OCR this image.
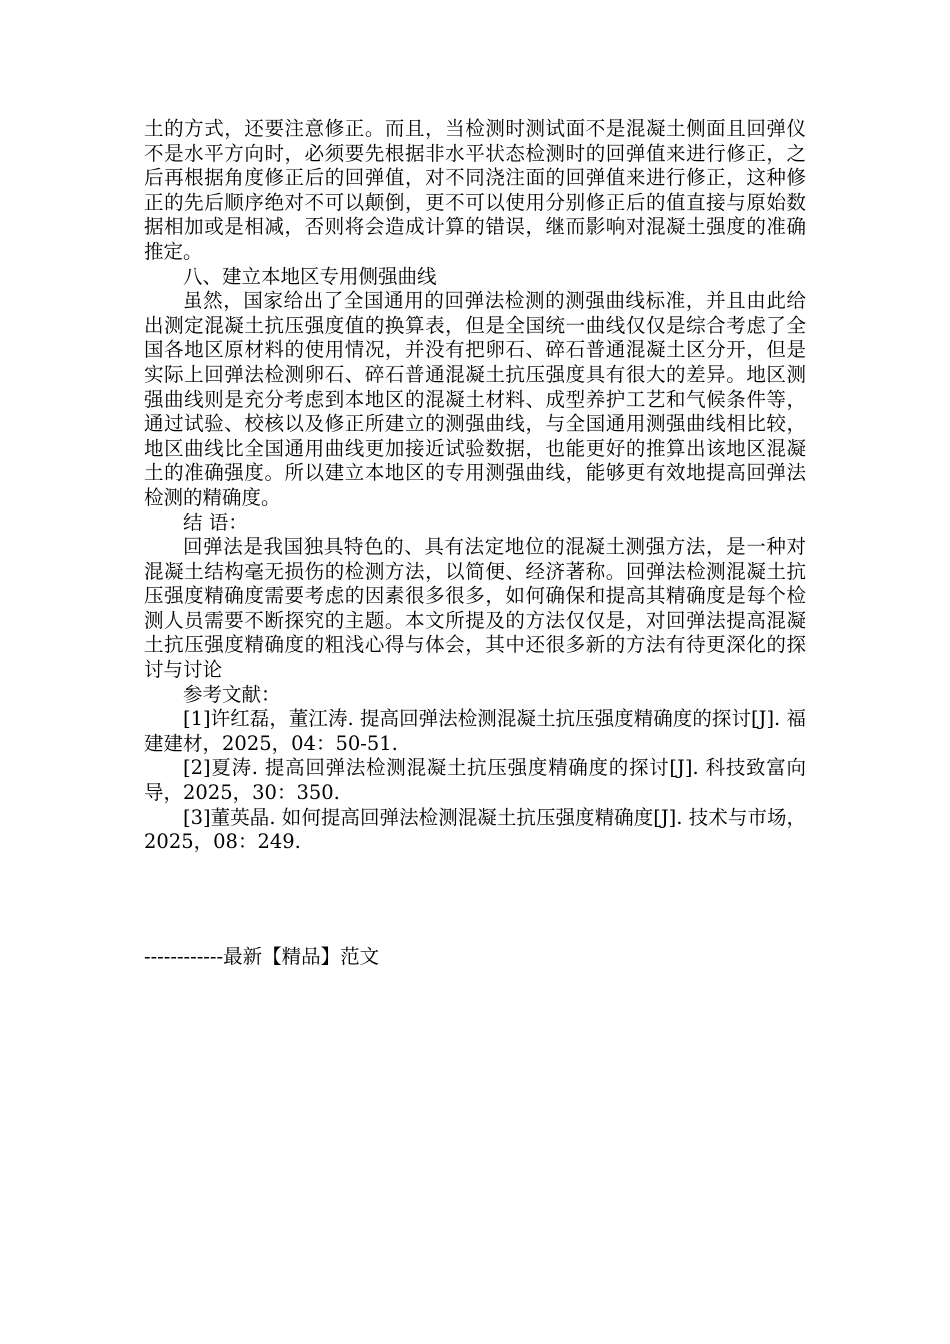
土的方式，还要注意修正。而且，当检测时测试面不是混凝土侧面且回弹仪不是水平方向时，必须要先根据非水平状态检测时的回弹值来进行修正，之后再根据角度修正后的回弹值，对不同浇注面的回弹值来进行修正，这种修正的先后顺序绝对不可以颠倒，更不可以使用分别修正后的值直接与原始数据相加或是相减，否则将会造成计算的错误，继而影响对混凝土强度的准确推定。

八、建立本地区专用侧强曲线

虽然，国家给出了全国通用的回弹法检测的测强曲线标准，并且由此给出测定混凝土抗压强度值的换算表，但是全国统一曲线仅仅是综合考虑了全国各地区原材料的使用情况，并没有把卵石、碎石普通混凝土区分开，但是实际上回弹法检测卵石、碎石普通混凝土抗压强度具有很大的差异。地区测强曲线则是充分考虑到本地区的混凝土材料、成型养护工艺和气候条件等，通过试验、校核以及修正所建立的测强曲线，与全国通用测强曲线相比较，地区曲线比全国通用曲线更加接近试验数据，也能更好的推算出该地区混凝土的准确强度。所以建立本地区的专用测强曲线，能够更有效地提高回弹法检测的精确度。

结 语：

回弹法是我国独具特色的、具有法定地位的混凝土测强方法，是一种对混凝土结构毫无损伤的检测方法，以简便、经济著称。回弹法检测混凝土抗压强度精确度需要考虑的因素很多很多，如何确保和提高其精确度是每个检测人员需要不断探究的主题。本文所提及的方法仅仅是，对回弹法提高混凝土抗压强度精确度的粗浅心得与体会，其中还很多新的方法有待更深化的探讨与讨论

参考文献：

[1]许红磊，董江涛. 提高回弹法检测混凝土抗压强度精确度的探讨[J]. 福建建材，2025，04：50-51.

[2]夏涛. 提高回弹法检测混凝土抗压强度精确度的探讨[J]. 科技致富向导，2025，30：350.

[3]董英晶. 如何提高回弹法检测混凝土抗压强度精确度[J]. 技术与市场，2025，08：249.

------------最新【精品】范文
